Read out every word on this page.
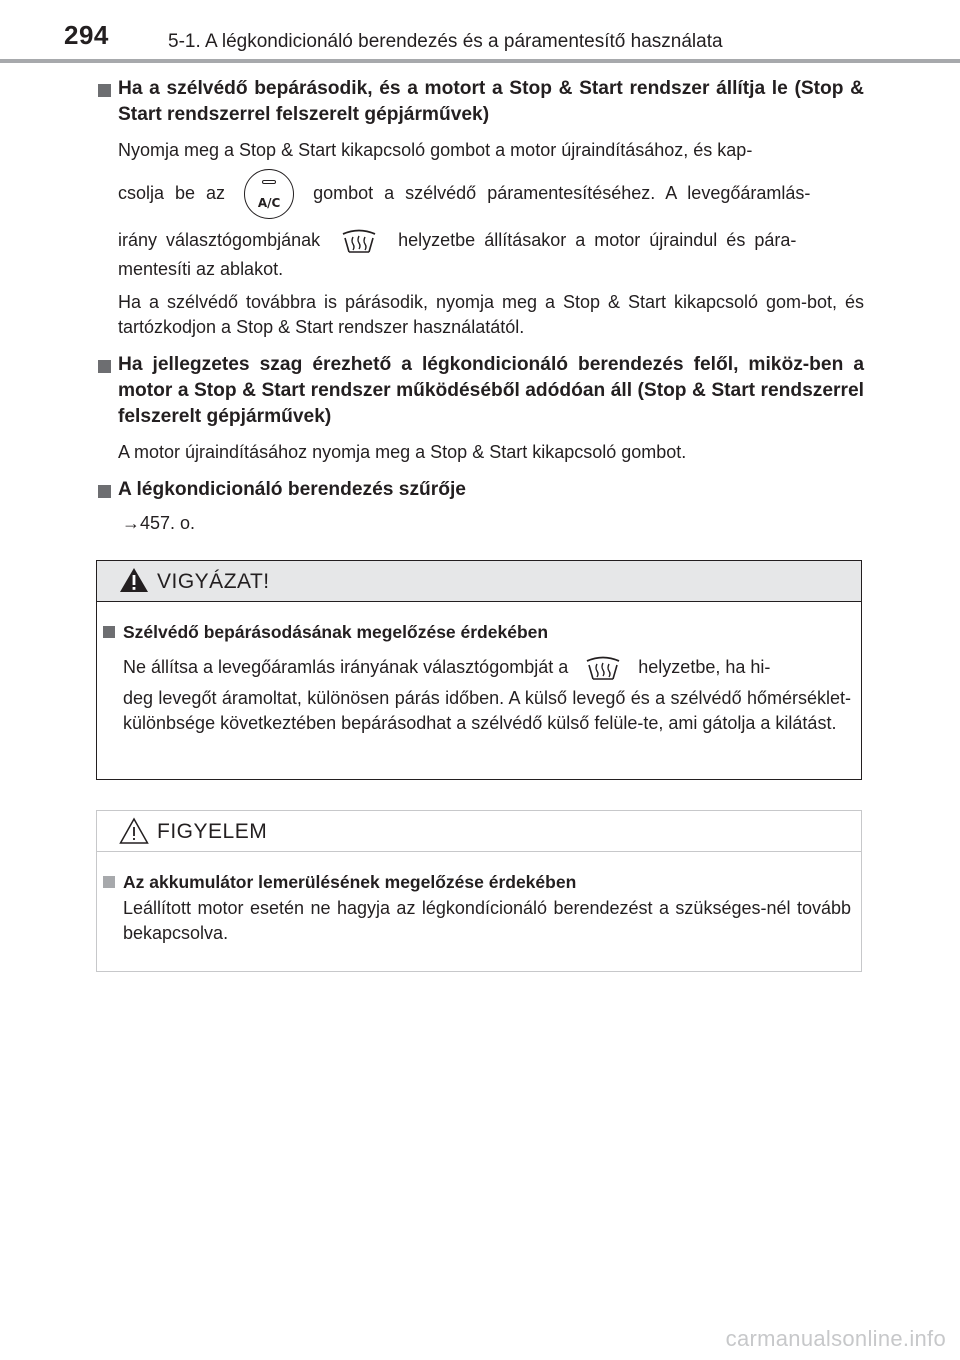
294	5-1. A légkondicionáló berendezés és a páramentesítő használata

Ha a szélvédő bepárásodik, és a motort a Stop & Start rendszer állítja le (Stop & Start rendszerrel felszerelt gépjárművek)

Nyomja meg a Stop & Start kikapcsoló gombot a motor újraindításához, és kap-

csolja be az
A/C
gombot a szélvédő páramentesítéséhez. A levegőáramlás-

irány választógombjának	helyzetbe állításakor a motor újraindul és pára-

mentesíti az ablakot.

Ha a szélvédő továbbra is párásodik, nyomja meg a Stop & Start kikapcsoló gom-bot, és tartózkodjon a Stop & Start rendszer használatától.

Ha jellegzetes szag érezhető a légkondicionáló berendezés felől, miköz-ben a motor a Stop & Start rendszer működéséből adódóan áll (Stop & Start rendszerrel felszerelt gépjárművek)

A motor újraindításához nyomja meg a Stop & Start kikapcsoló gombot.

A légkondicionáló berendezés szűrője

→457. o.

VIGYÁZAT!
Szélvédő bepárásodásának megelőzése érdekében

Ne állítsa a levegőáramlás irányának választógombját a	helyzetbe, ha hi-

deg levegőt áramoltat, különösen párás időben. A külső levegő és a szélvédő hőmérséklet-különbsége következtében bepárásodhat a szélvédő külső felüle-te, ami gátolja a kilátást.

FIGYELEM
Az akkumulátor lemerülésének megelőzése érdekében

Leállított motor esetén ne hagyja az légkondícionáló berendezést a szükséges-nél tovább bekapcsolva.

carmanualsonline.info
